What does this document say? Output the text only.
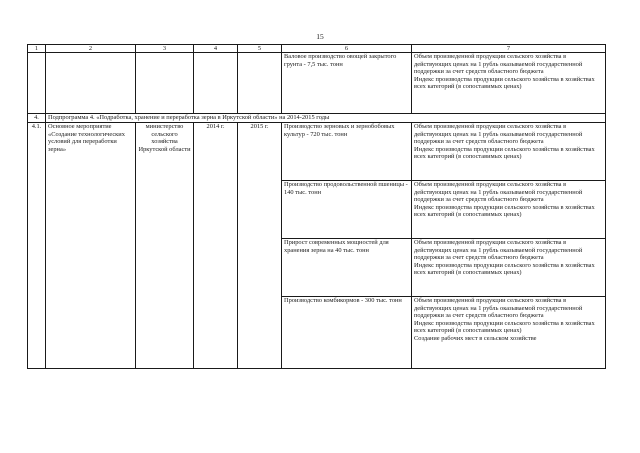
15
1	2	3	4	5	6	7
					Валовое производство овощей закрытого грунта - 7,5 тыс. тонн	Объем произведенной продукции сельского хозяйства в действующих ценах на 1 рубль оказываемой государственной поддержки за счет средств областного бюджета
Индекс производства продукции сельского хозяйства в хозяйствах всех категорий (в сопоставимых ценах)

4.	Подпрограмма 4. «Подработка, хранение и переработка зерна в Иркутской области» на 2014-2015 годы					
4.1.	Основное мероприятие «Создание технологических условий для переработки зерна»	министерство сельского хозяйства Иркутской области	2014 г.	2015 г.	Производство зерновых и зернобобовых культур - 720 тыс. тонн	Объем произведенной продукции сельского хозяйства в действующих ценах на 1 рубль оказываемой государственной поддержки за счет средств областного бюджета
Индекс производства продукции сельского хозяйства в хозяйствах всех категорий (в сопоставимых ценах)

					Производство продовольственной пшеницы - 140 тыс. тонн	Объем произведенной продукции сельского хозяйства в действующих ценах на 1 рубль оказываемой государственной поддержки за счет средств областного бюджета
Индекс производства продукции сельского хозяйства в хозяйствах всех категорий (в сопоставимых ценах)

					Прирост современных мощностей для хранения зерна на 40 тыс. тонн	Объем произведенной продукции сельского хозяйства в действующих ценах на 1 рубль оказываемой государственной поддержки за счет средств областного бюджета
Индекс производства продукции сельского хозяйства в хозяйствах всех категорий (в сопоставимых ценах)

					Производство комбикормов - 300 тыс. тонн	Объем произведенной продукции сельского хозяйства в действующих ценах на 1 рубль оказываемой государственной поддержки за счет средств областного бюджета
Индекс производства продукции сельского хозяйства в хозяйствах всех категорий (в сопоставимых ценах)
Создание рабочих мест в сельском хозяйстве
